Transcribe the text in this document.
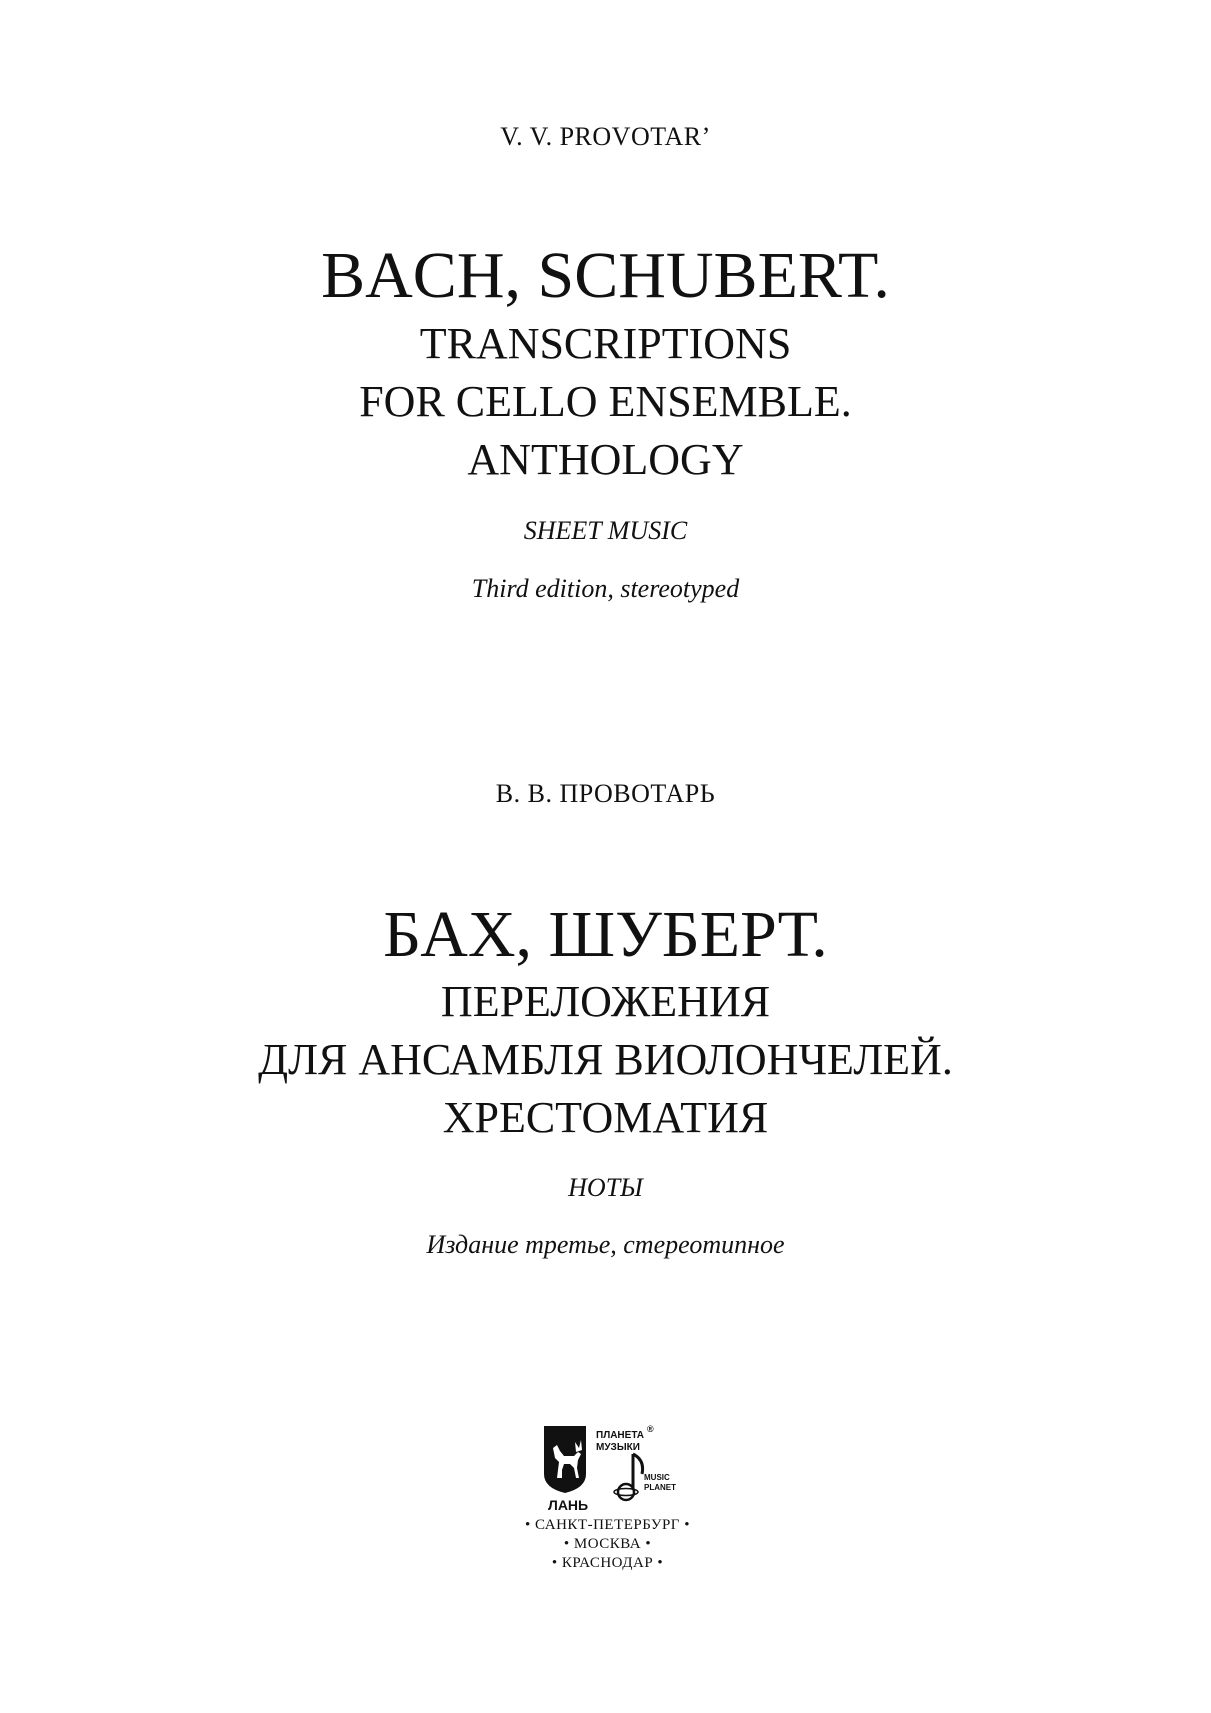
V. V. PROVOTAR’
BACH, SCHUBERT.
TRANSCRIPTIONS
FOR CELLO ENSEMBLE.
ANTHOLOGY
SHEET MUSIC
Third edition, stereotyped
В. В. ПРОВОТАРЬ
БАХ, ШУБЕРТ.
ПЕРЕЛОЖЕНИЯ
ДЛЯ АНСАМБЛЯ ВИОЛОНЧЕЛЕЙ.
ХРЕСТОМАТИЯ
НОТЫ
Издание третье, стереотипное
ЛАНЬ
ПЛАНЕТА
МУЗЫКИ
®
MUSIC
PLANET
• САНКТ-ПЕТЕРБУРГ •
• МОСКВА •
• КРАСНОДАР •
